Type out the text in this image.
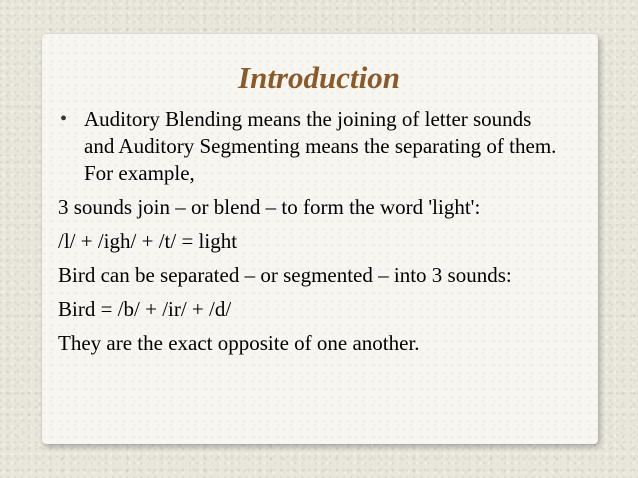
Introduction

• Auditory Blending means the joining of letter sounds and Auditory Segmenting means the separating of them. For example,

3 sounds join – or blend – to form the word 'light':

/l/ + /igh/ + /t/ = light

Bird can be separated – or segmented – into 3 sounds:

Bird = /b/ + /ir/ + /d/

They are the exact opposite of one another.
